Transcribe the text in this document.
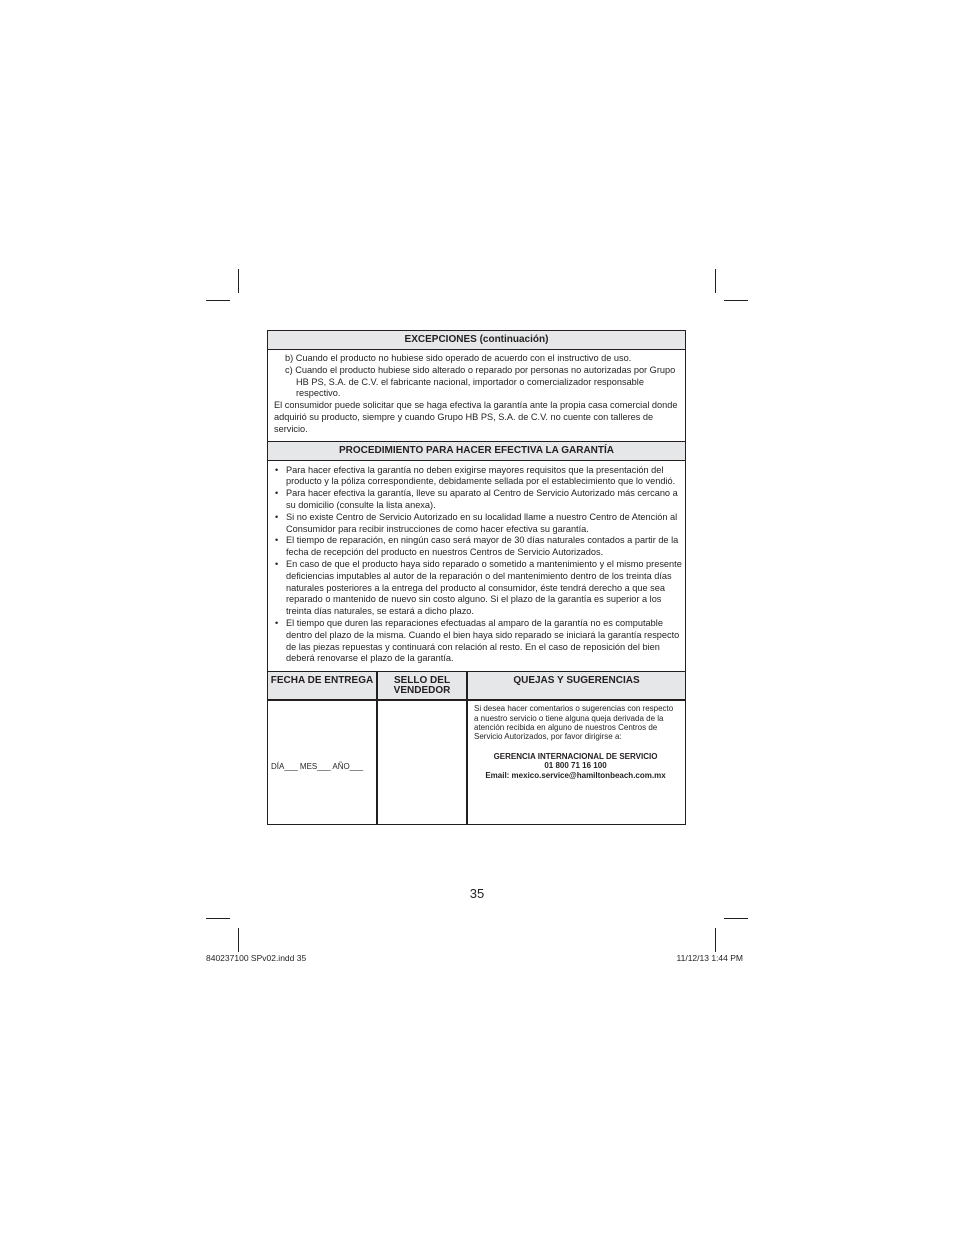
EXCEPCIONES (continuación)
b) Cuando el producto no hubiese sido operado de acuerdo con el instructivo de uso.
c) Cuando el producto hubiese sido alterado o reparado por personas no autorizadas por Grupo HB PS, S.A. de C.V. el fabricante nacional, importador o comercializador responsable respectivo.
El consumidor puede solicitar que se haga efectiva la garantía ante la propia casa comercial donde adquirió su producto, siempre y cuando Grupo HB PS, S.A. de C.V. no cuente con talleres de servicio.
PROCEDIMIENTO PARA HACER EFECTIVA LA GARANTÍA
• Para hacer efectiva la garantía no deben exigirse mayores requisitos que la presentación del producto y la póliza correspondiente, debidamente sellada por el establecimiento que lo vendió.
• Para hacer efectiva la garantía, lleve su aparato al Centro de Servicio Autorizado más cercano a su domicilio (consulte la lista anexa).
• Si no existe Centro de Servicio Autorizado en su localidad llame a nuestro Centro de Atención al Consumidor para recibir instrucciones de como hacer efectiva su garantía.
• El tiempo de reparación, en ningún caso será mayor de 30 días naturales contados a partir de la fecha de recepción del producto en nuestros Centros de Servicio Autorizados.
• En caso de que el producto haya sido reparado o sometido a mantenimiento y el mismo presente deficiencias imputables al autor de la reparación o del mantenimiento dentro de los treinta días naturales posteriores a la entrega del producto al consumidor, éste tendrá derecho a que sea reparado o mantenido de nuevo sin costo alguno. Si el plazo de la garantía es superior a los treinta días naturales, se estará a dicho plazo.
• El tiempo que duren las reparaciones efectuadas al amparo de la garantía no es computable dentro del plazo de la misma. Cuando el bien haya sido reparado se iniciará la garantía respecto de las piezas repuestas y continuará con relación al resto. En el caso de reposición del bien deberá renovarse el plazo de la garantía.
FECHA DE ENTREGA	SELLO DEL VENDEDOR
QUEJAS Y SUGERENCIAS
DÍA___ MES___ AÑO___
Si desea hacer comentarios o sugerencias con respecto a nuestro servicio o tiene alguna queja derivada de la atención recibida en alguno de nuestros Centros de Servicio Autorizados, por favor dirigirse a:
GERENCIA INTERNACIONAL DE SERVICIO
01 800 71 16 100
Email: mexico.service@hamiltonbeach.com.mx
35
840237100 SPv02.indd 35	11/12/13 1:44 PM
